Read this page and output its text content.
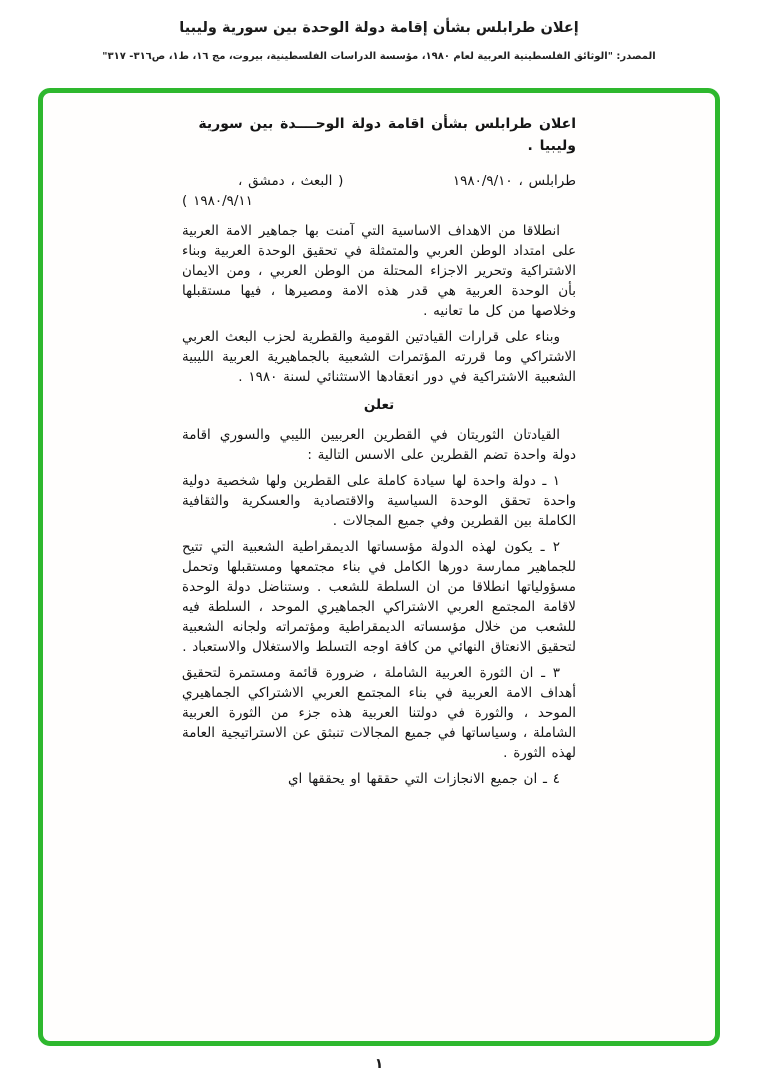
إعلان طرابلس بشأن إقامة دولة الوحدة بين سورية وليبيا
المصدر: "الوثائق الفلسطينية العربية لعام ١٩٨٠، مؤسسة الدراسات الفلسطينية، بيروت، مج ١٦، ط١، ص٣١٦- ٣١٧"
اعلان طرابلس بشأن اقامة دولة الوحــــدة بين سورية وليبيا .
طرابلس ، ١٩٨٠/٩/١٠
( البعث ، دمشق ،
١٩٨٠/٩/١١ )

انطلاقا من الاهداف الاساسية التي آمنت بها جماهير الامة العربية على امتداد الوطن العربي والمتمثلة في تحقيق الوحدة العربية وبناء الاشتراكية وتحرير الاجزاء المحتلة من الوطن العربي ، ومن الايمان بأن الوحدة العربية هي قدر هذه الامة ومصيرها ، فيها مستقبلها وخلاصها من كل ما تعانيه .

وبناء على قرارات القيادتين القومية والقطرية لحزب البعث العربي الاشتراكي وما قررته المؤتمرات الشعبية بالجماهيرية العربية الليبية الشعبية الاشتراكية في دور انعقادها الاستثنائي لسنة ١٩٨٠ .

تعلن

القيادتان الثوريتان في القطرين العربيين الليبي والسوري اقامة دولة واحدة تضم القطرين على الاسس التالية :

١ ـ دولة واحدة لها سيادة كاملة على القطرين ولها شخصية دولية واحدة تحقق الوحدة السياسية والاقتصادية والعسكرية والثقافية الكاملة بين القطرين وفي جميع المجالات .

٢ ـ يكون لهذه الدولة مؤسساتها الديمقراطية الشعبية التي تتيح للجماهير ممارسة دورها الكامل في بناء مجتمعها ومستقبلها وتحمل مسؤولياتها انطلاقا من ان السلطة للشعب . وستناضل دولة الوحدة لاقامة المجتمع العربي الاشتراكي الجماهيري الموحد ، السلطة فيه للشعب من خلال مؤسساته الديمقراطية ومؤتمراته ولجانه الشعبية لتحقيق الانعتاق النهائي من كافة اوجه التسلط والاستغلال والاستعباد .

٣ ـ ان الثورة العربية الشاملة ، ضرورة قائمة ومستمرة لتحقيق أهداف الامة العربية في بناء المجتمع العربي الاشتراكي الجماهيري الموحد ، والثورة في دولتنا العربية هذه جزء من الثورة العربية الشاملة ، وسياساتها في جميع المجالات تنبثق عن الاستراتيجية العامة لهذه الثورة .

٤ ـ ان جميع الانجازات التي حققها او يحققها اي

١
